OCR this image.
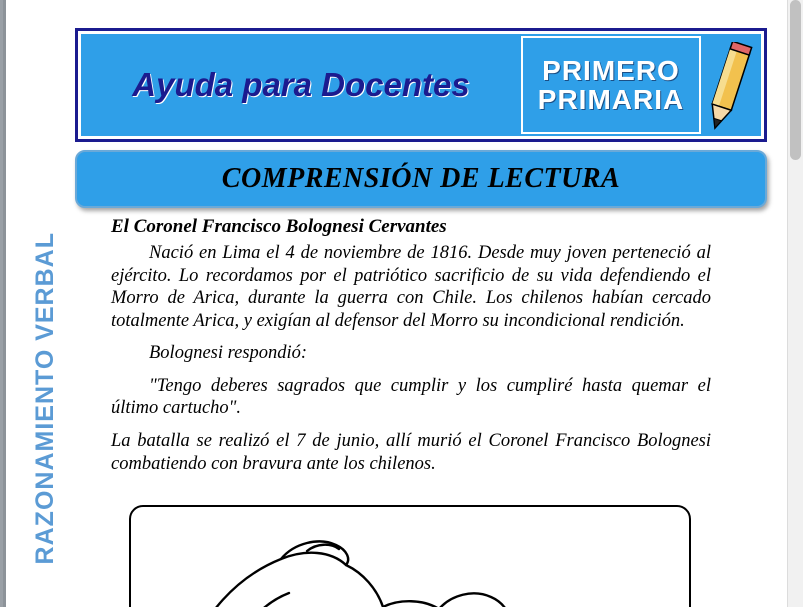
RAZONAMIENTO VERBAL
Ayuda para Docentes	PRIMERO
PRIMARIA
COMPRENSIÓN DE LECTURA

El Coronel Francisco Bolognesi Cervantes

Nació en Lima el 4 de noviembre de 1816. Desde muy joven perteneció al ejército. Lo recordamos por el patriótico sacrificio de su vida defendiendo el Morro de Arica, durante la guerra con Chile. Los chilenos habían cercado totalmente Arica, y exigían al defensor del Morro su incondicional rendición.

Bolognesi respondió:

"Tengo deberes sagrados que cumplir y los cumpliré hasta quemar el último cartucho".

La batalla se realizó el 7 de junio, allí murió el Coronel Francisco Bolognesi combatiendo con bravura ante los chilenos.
